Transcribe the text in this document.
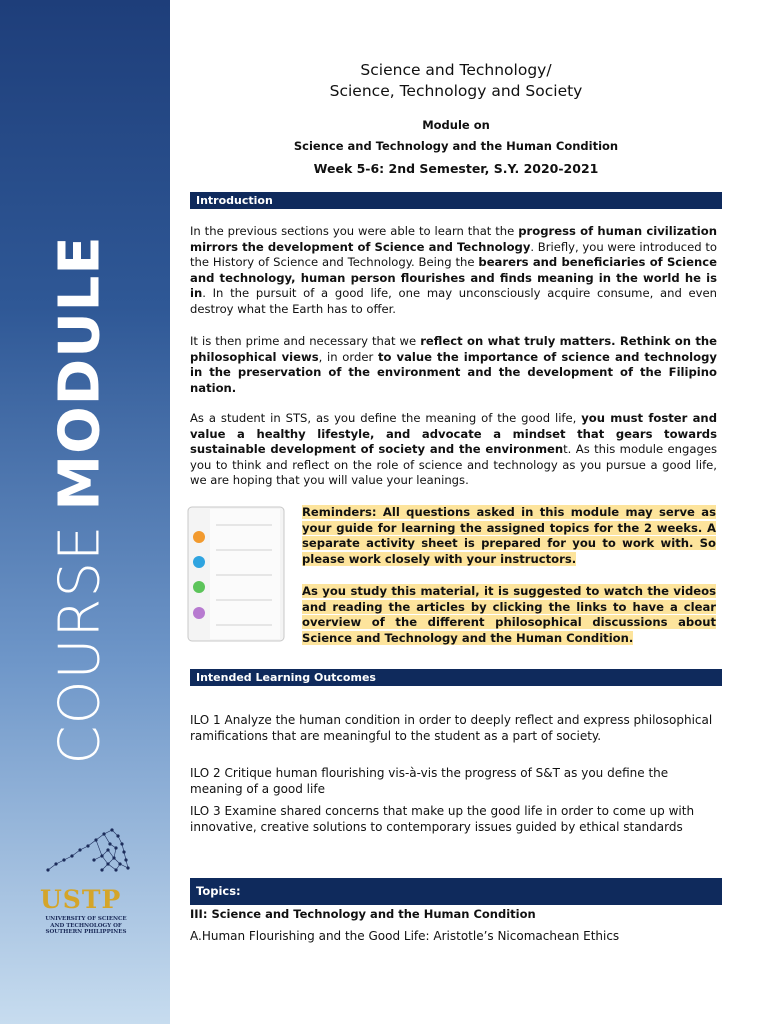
COURSEMODULE
USTP
UNIVERSITY OF SCIENCE AND TECHNOLOGY OF SOUTHERN PHILIPPINES
Science and Technology/
Science, Technology and Society
Module on
Science and Technology and the Human Condition
Week 5-6: 2nd Semester, S.Y. 2020-2021
Introduction
In the previous sections you were able to learn that the progress of human civilization mirrors the development of Science and Technology. Briefly, you were introduced to the History of Science and Technology. Being the bearers and beneficiaries of Science and technology, human person flourishes and finds meaning in the world he is in. In the pursuit of a good life, one may unconsciously acquire consume, and even destroy what the Earth has to offer.
It is then prime and necessary that we reflect on what truly matters. Rethink on the philosophical views, in order to value the importance of science and technology in the preservation of the environment and the development of the Filipino nation.
As a student in STS, as you define the meaning of the good life, you must foster and value a healthy lifestyle, and advocate a mindset that gears towards sustainable development of society and the environment. As this module engages you to think and reflect on the role of science and technology as you pursue a good life, we are hoping that you will value your leanings.
Reminders: All questions asked in this module may serve as your guide for learning the assigned topics for the 2 weeks. A separate activity sheet is prepared for you to work with. So please work closely with your instructors.
As you study this material, it is suggested to watch the videos and reading the articles by clicking the links to have a clear overview of the different philosophical discussions about Science and Technology and the Human Condition.
Intended Learning Outcomes
ILO 1 Analyze the human condition in order to deeply reflect and express philosophical ramifications that are meaningful to the student as a part of society.
ILO 2 Critique human flourishing vis-à-vis the progress of S&T as you define the meaning of a good life
ILO 3 Examine shared concerns that make up the good life in order to come up with innovative, creative solutions to contemporary issues guided by ethical standards
Topics:
III: Science and Technology and the Human Condition
A.Human Flourishing and the Good Life: Aristotle’s Nicomachean Ethics
